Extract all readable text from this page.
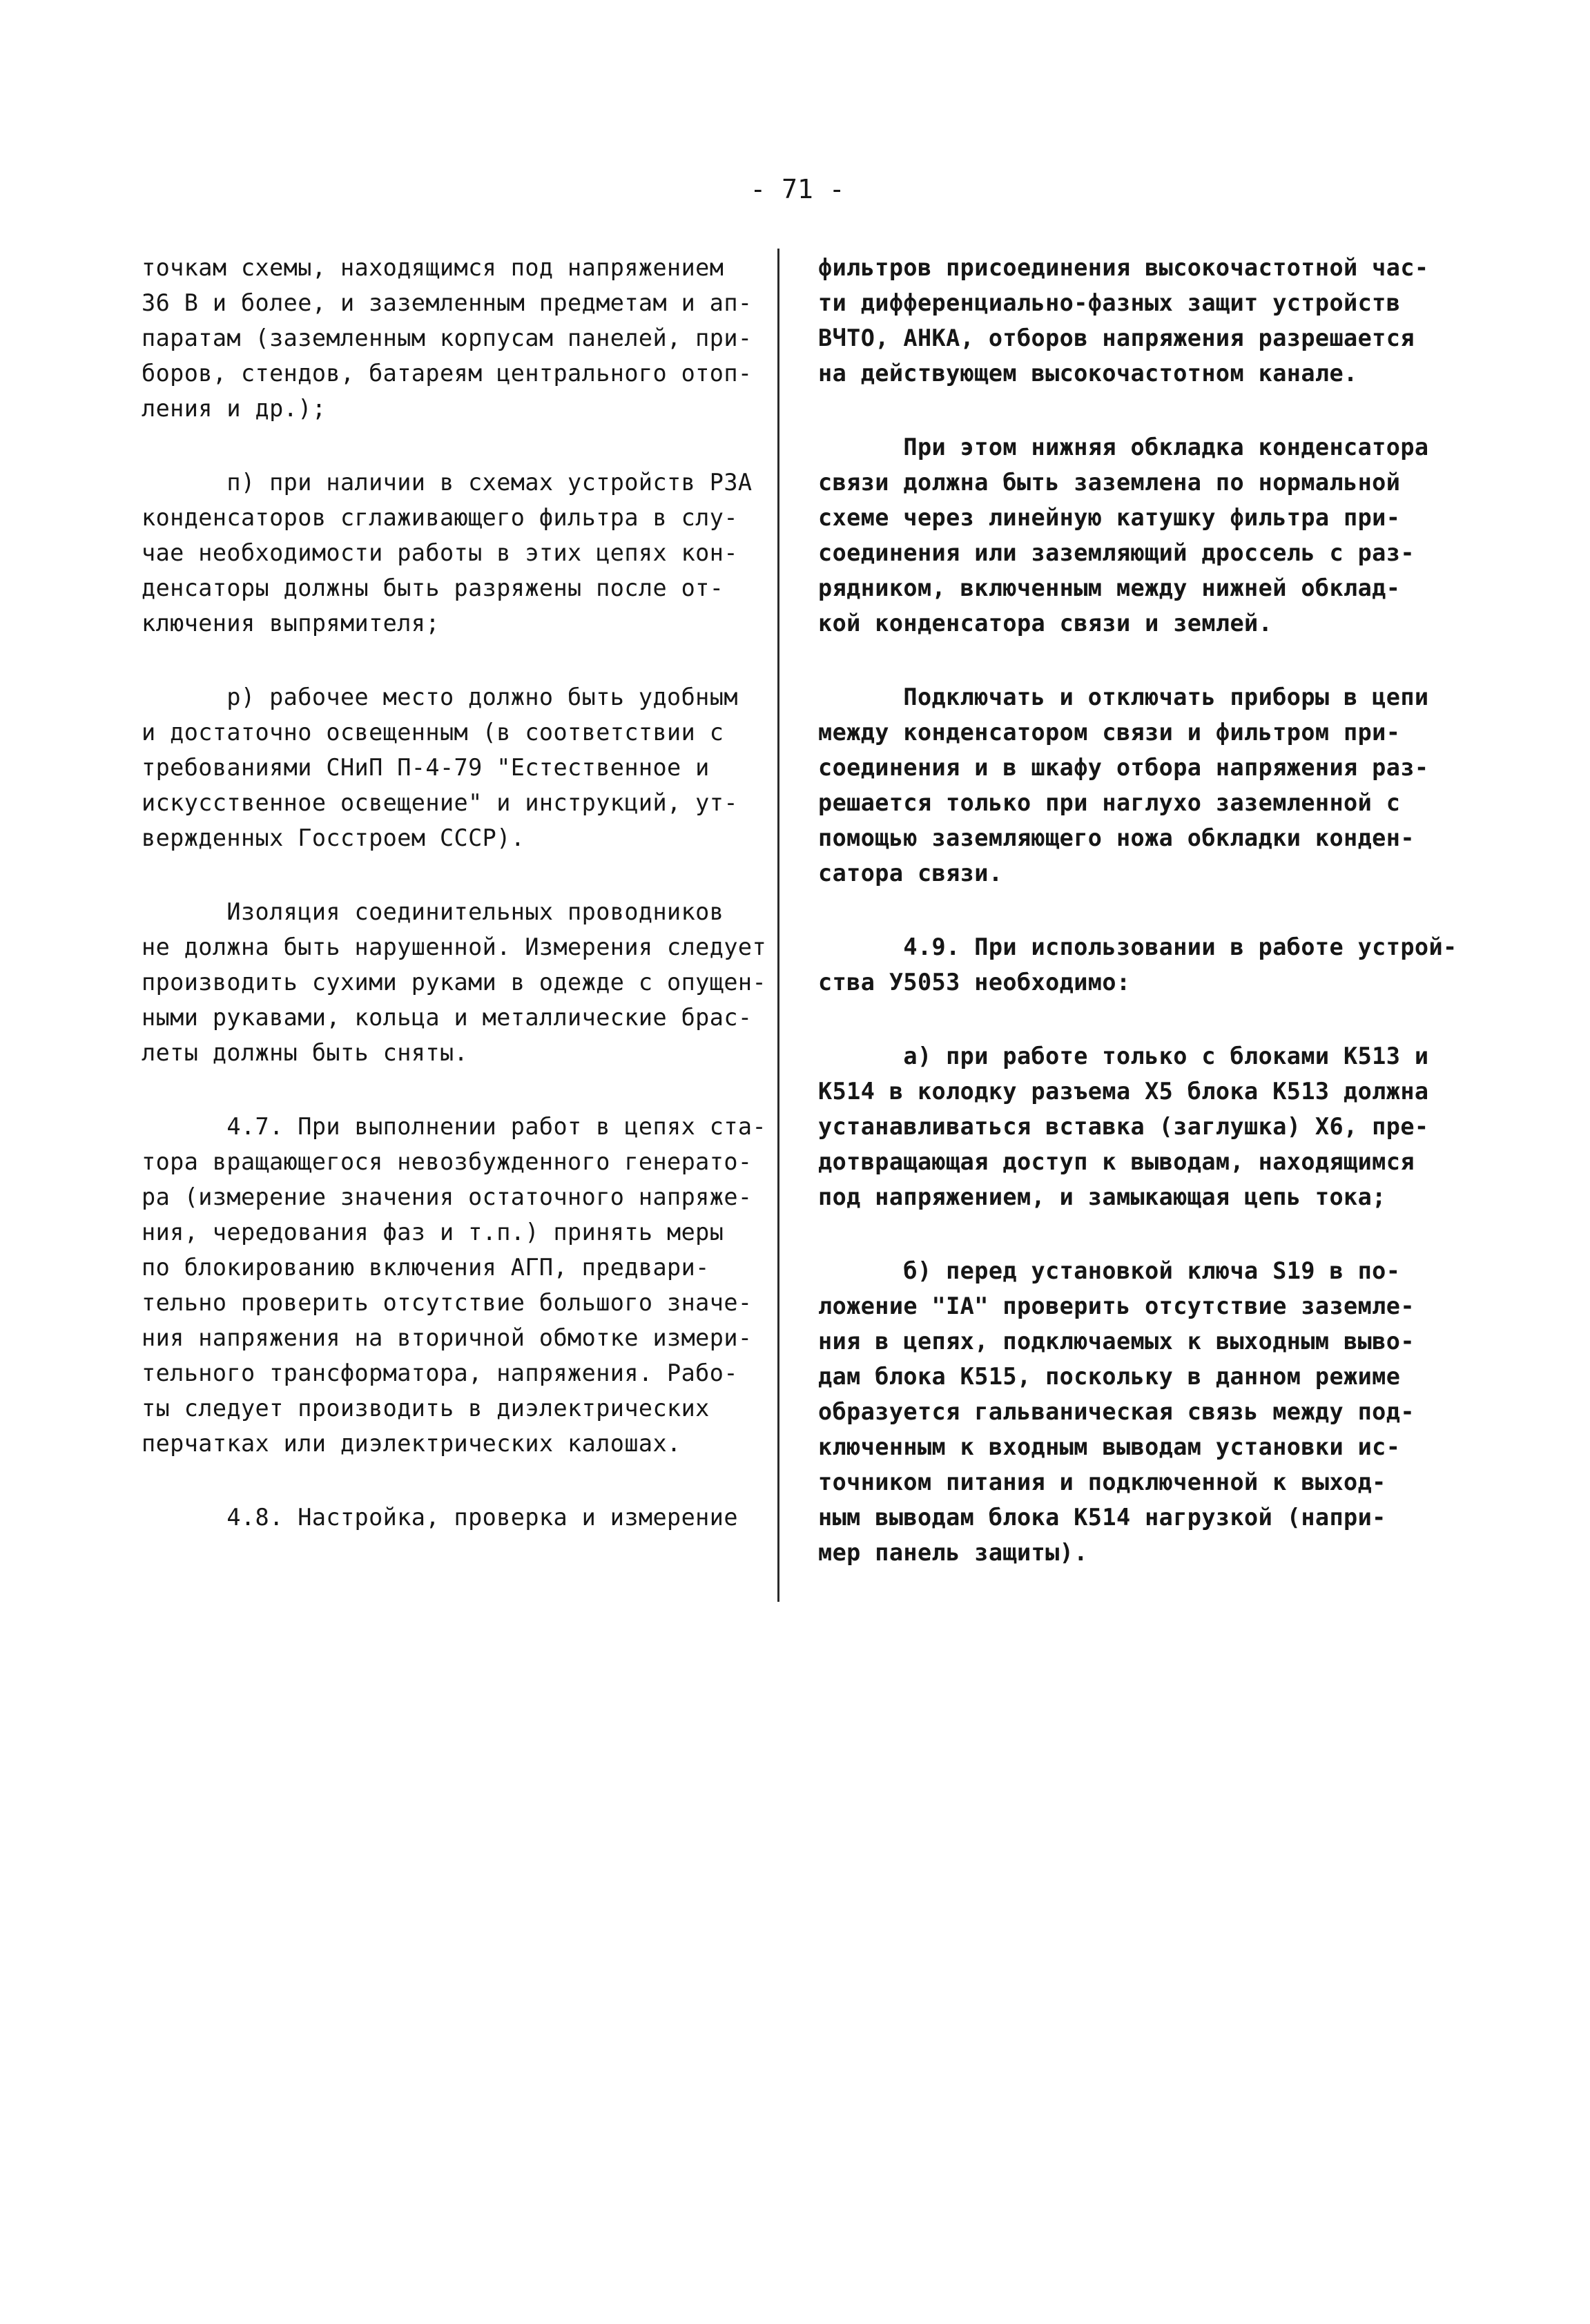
- 71 -

точкам схемы, находящимся под напряжением
36 В и более, и заземленным предметам и ап-
паратам (заземленным корпусам панелей, при-
боров, стендов, батареям центрального отоп-
ления и др.);

п) при наличии в схемах устройств РЗА
конденсаторов сглаживающего фильтра в слу-
чае необходимости работы в этих цепях кон-
денсаторы должны быть разряжены после от-
ключения выпрямителя;

р) рабочее место должно быть удобным
и достаточно освещенным (в соответствии с
требованиями СНиП П-4-79 "Естественное и
искусственное освещение" и инструкций, ут-
вержденных Госстроем СССР).

Изоляция соединительных проводников
не должна быть нарушенной. Измерения следует
производить сухими руками в одежде с опущен-
ными рукавами, кольца и металлические брас-
леты должны быть сняты.

4.7. При выполнении работ в цепях ста-
тора вращающегося невозбужденного генерато-
ра (измерение значения остаточного напряже-
ния, чередования фаз и т.п.) принять меры
по блокированию включения АГП, предвари-
тельно проверить отсутствие большого значе-
ния напряжения на вторичной обмотке измери-
тельного трансформатора, напряжения. Рабо-
ты следует производить в диэлектрических
перчатках или диэлектрических калошах.

4.8. Настройка, проверка и измерение

фильтров присоединения высокочастотной час-
ти дифференциально-фазных защит устройств
ВЧТО, АНКА, отборов напряжения разрешается
на действующем высокочастотном канале.

При этом нижняя обкладка конденсатора
связи должна быть заземлена по нормальной
схеме через линейную катушку фильтра при-
соединения или заземляющий дроссель с раз-
рядником, включенным между нижней обклад-
кой конденсатора связи и землей.

Подключать и отключать приборы в цепи
между конденсатором связи и фильтром при-
соединения и в шкафу отбора напряжения раз-
решается только при наглухо заземленной с
помощью заземляющего ножа обкладки конден-
сатора связи.

4.9. При использовании в работе устрой-
ства У5053 необходимо:

а) при работе только с блоками К513 и
К514 в колодку разъема Х5 блока К513 должна
устанавливаться вставка (заглушка) Х6, пре-
дотвращающая доступ к выводам, находящимся
под напряжением, и замыкающая цепь тока;

б) перед установкой ключа S19 в по-
ложение "IA" проверить отсутствие заземле-
ния в цепях, подключаемых к выходным выво-
дам блока К515, поскольку в данном режиме
образуется гальваническая связь между под-
ключенным к входным выводам установки ис-
точником питания и подключенной к выход-
ным выводам блока К514 нагрузкой (напри-
мер панель защиты).
